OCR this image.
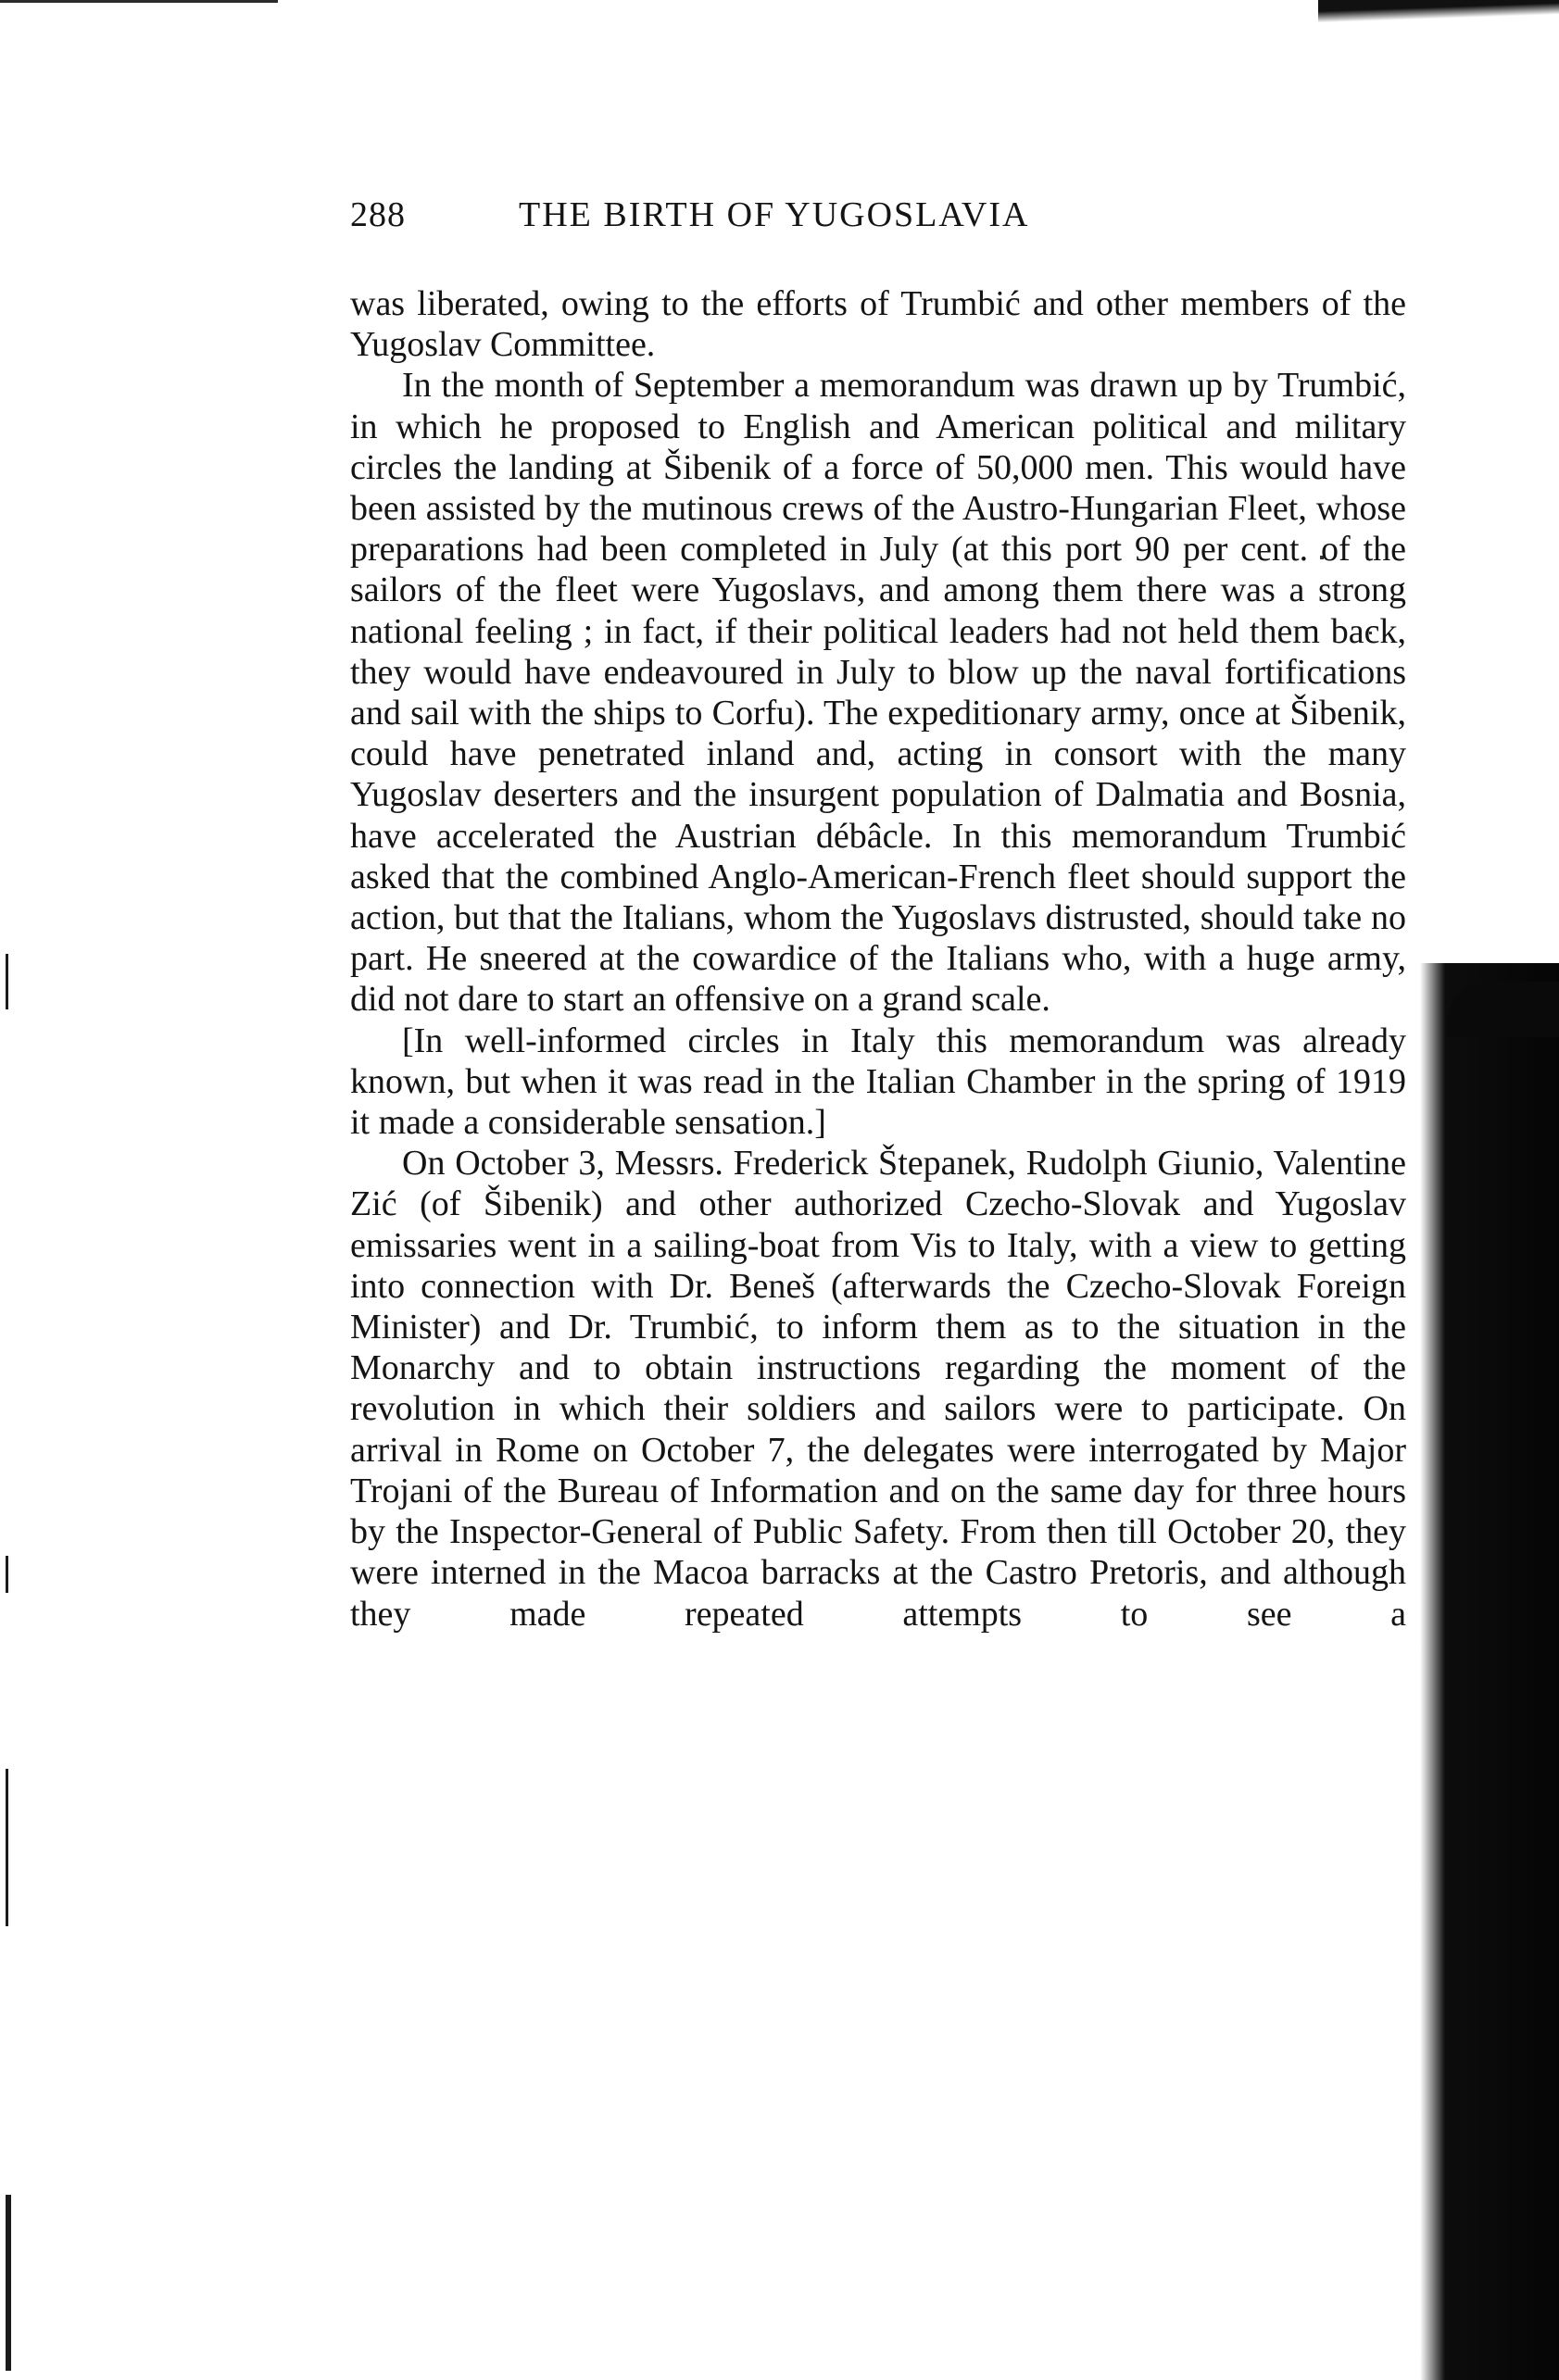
288	THE BIRTH OF YUGOSLAVIA

was liberated, owing to the efforts of Trumbić and other members of the Yugoslav Committee.

In the month of September a memorandum was drawn up by Trumbić, in which he proposed to English and American political and military circles the landing at Šibenik of a force of 50,000 men. This would have been assisted by the mutinous crews of the Austro-Hungarian Fleet, whose preparations had been completed in July (at this port 90 per cent. of the sailors of the fleet were Yugoslavs, and among them there was a strong national feeling ; in fact, if their political leaders had not held them back, they would have endeavoured in July to blow up the naval fortifications and sail with the ships to Corfu). The expeditionary army, once at Šibenik, could have penetrated inland and, acting in consort with the many Yugoslav deserters and the insurgent population of Dalmatia and Bosnia, have accelerated the Austrian débâcle. In this memorandum Trumbić asked that the combined Anglo-American-French fleet should support the action, but that the Italians, whom the Yugoslavs distrusted, should take no part. He sneered at the cowardice of the Italians who, with a huge army, did not dare to start an offensive on a grand scale.

[In well-informed circles in Italy this memorandum was already known, but when it was read in the Italian Chamber in the spring of 1919 it made a considerable sensation.]

On October 3, Messrs. Frederick Štepanek, Rudolph Giunio, Valentine Zić (of Šibenik) and other authorized Czecho-Slovak and Yugoslav emissaries went in a sailing-boat from Vis to Italy, with a view to getting into connection with Dr. Beneš (afterwards the Czecho-Slovak Foreign Minister) and Dr. Trumbić, to inform them as to the situation in the Monarchy and to obtain instructions regarding the moment of the revolution in which their soldiers and sailors were to participate. On arrival in Rome on October 7, the delegates were interrogated by Major Trojani of the Bureau of Information and on the same day for three hours by the Inspector-General of Public Safety. From then till October 20, they were interned in the Macoa barracks at the Castro Pretoris, and although they made repeated attempts to see a
